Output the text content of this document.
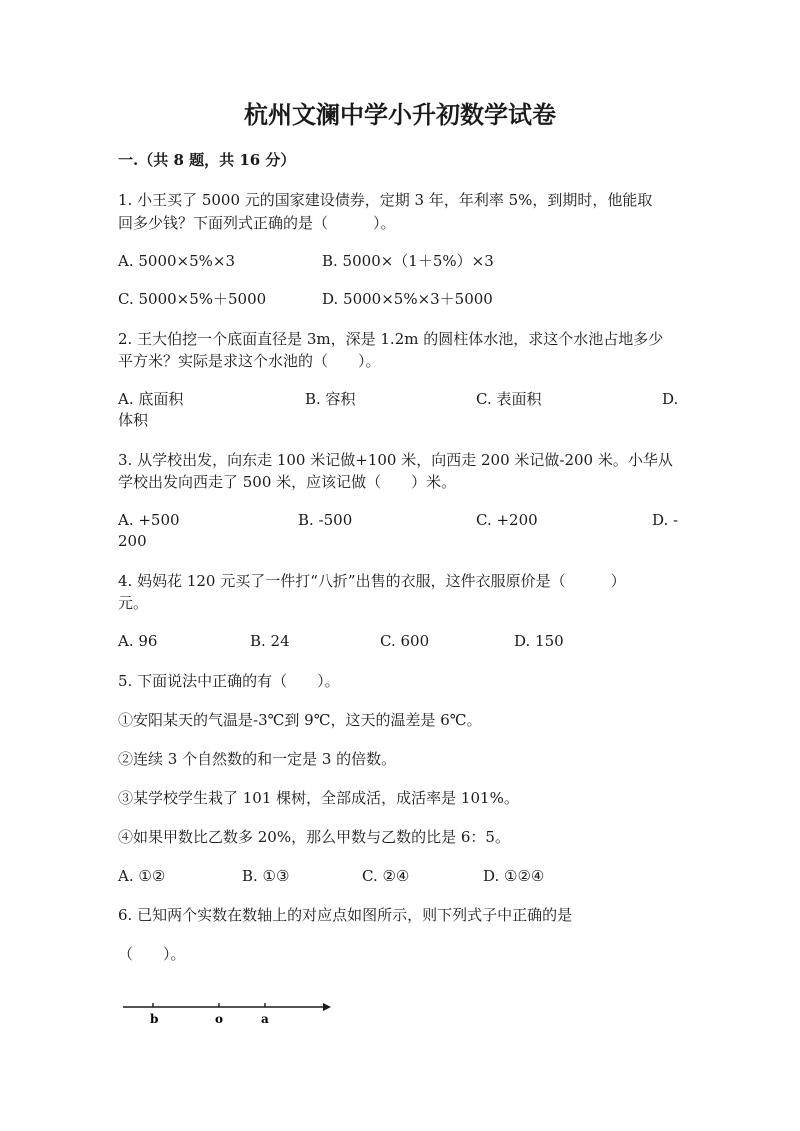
杭州文澜中学小升初数学试卷
一.（共 8 题，共 16 分）
1. 小王买了 5000 元的国家建设债券，定期 3 年，年利率 5%，到期时，他能取
回多少钱？下面列式正确的是（　　　）。
A. 5000×5%×3	B. 5000×（1＋5%）×3
C. 5000×5%＋5000	D. 5000×5%×3＋5000
2. 王大伯挖一个底面直径是 3m，深是 1.2m 的圆柱体水池，求这个水池占地多少
平方米？实际是求这个水池的（　　）。
A. 底面积	B. 容积	C. 表面积	D.
体积
3. 从学校出发，向东走 100 米记做+100 米，向西走 200 米记做-200 米。小华从
学校出发向西走了 500 米，应该记做（　　）米。
A. +500	B. -500	C. +200	D. -
200
4. 妈妈花 120 元买了一件打“八折”出售的衣服，这件衣服原价是（　　　）
元。
A. 96	B. 24	C. 600	D. 150
5. 下面说法中正确的有（　　）。
①安阳某天的气温是-3℃到 9℃，这天的温差是 6℃。
②连续 3 个自然数的和一定是 3 的倍数。
③某学校学生栽了 101 棵树，全部成活，成活率是 101%。
④如果甲数比乙数多 20%，那么甲数与乙数的比是 6：5。
A. ①②	B. ①③	C. ②④	D. ①②④
6. 已知两个实数在数轴上的对应点如图所示，则下列式子中正确的是
（　　）。
b	o	a
